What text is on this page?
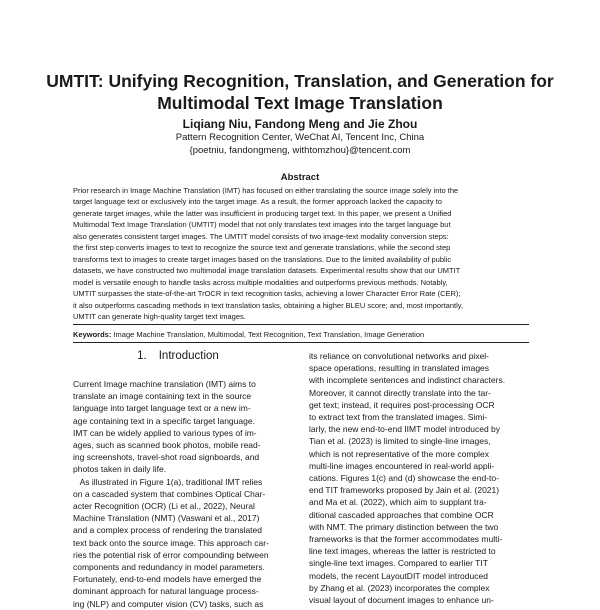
UMTIT: Unifying Recognition, Translation, and Generation for
Multimodal Text Image Translation
Liqiang Niu, Fandong Meng and Jie Zhou
Pattern Recognition Center, WeChat AI, Tencent Inc, China
{poetniu, fandongmeng, withtomzhou}@tencent.com
Abstract
Prior research in Image Machine Translation (IMT) has focused on either translating the source image solely into the
target language text or exclusively into the target image. As a result, the former approach lacked the capacity to
generate target images, while the latter was insufficient in producing target text. In this paper, we present a Unified
Multimodal Text Image Translation (UMTIT) model that not only translates text images into the target language but
also generates consistent target images. The UMTIT model consists of two image-text modality conversion steps:
the first step converts images to text to recognize the source text and generate translations, while the second step
transforms text to images to create target images based on the translations. Due to the limited availability of public
datasets, we have constructed two multimodal image translation datasets. Experimental results show that our UMTIT
model is versatile enough to handle tasks across multiple modalities and outperforms previous methods. Notably,
UMTIT surpasses the state-of-the-art TrOCR in text recognition tasks, achieving a lower Character Error Rate (CER);
it also outperforms cascading methods in text translation tasks, obtaining a higher BLEU score; and, most importantly,
UMTIT can generate high-quality target text images.
Keywords: Image Machine Translation, Multimodal, Text Recognition, Text Translation, Image Generation
1. Introduction
Current Image machine translation (IMT) aims to
translate an image containing text in the source
language into target language text or a new im-
age containing text in a specific target language.
IMT can be widely applied to various types of im-
ages, such as scanned book photos, mobile read-
ing screenshots, travel-shot road signboards, and
photos taken in daily life.
As illustrated in Figure 1(a), traditional IMT relies
on a cascaded system that combines Optical Char-
acter Recognition (OCR) (Li et al., 2022), Neural
Machine Translation (NMT) (Vaswani et al., 2017)
and a complex process of rendering the translated
text back onto the source image. This approach car-
ries the potential risk of error compounding between
components and redundancy in model parameters.
Fortunately, end-to-end models have emerged the
dominant approach for natural language process-
ing (NLP) and computer vision (CV) tasks, such as
its reliance on convolutional networks and pixel-
space operations, resulting in translated images
with incomplete sentences and indistinct characters.
Moreover, it cannot directly translate into the tar-
get text; instead, it requires post-processing OCR
to extract text from the translated images. Simi-
larly, the new end-to-end IIMT model introduced by
Tian et al. (2023) is limited to single-line images,
which is not representative of the more complex
multi-line images encountered in real-world appli-
cations. Figures 1(c) and (d) showcase the end-to-
end TIT frameworks proposed by Jain et al. (2021)
and Ma et al. (2022), which aim to supplant tra-
ditional cascaded approaches that combine OCR
with NMT. The primary distinction between the two
frameworks is that the former accommodates multi-
line text images, whereas the latter is restricted to
single-line text images. Compared to earlier TIT
models, the recent LayoutDIT model introduced
by Zhang et al. (2023) incorporates the complex
visual layout of document images to enhance un-
